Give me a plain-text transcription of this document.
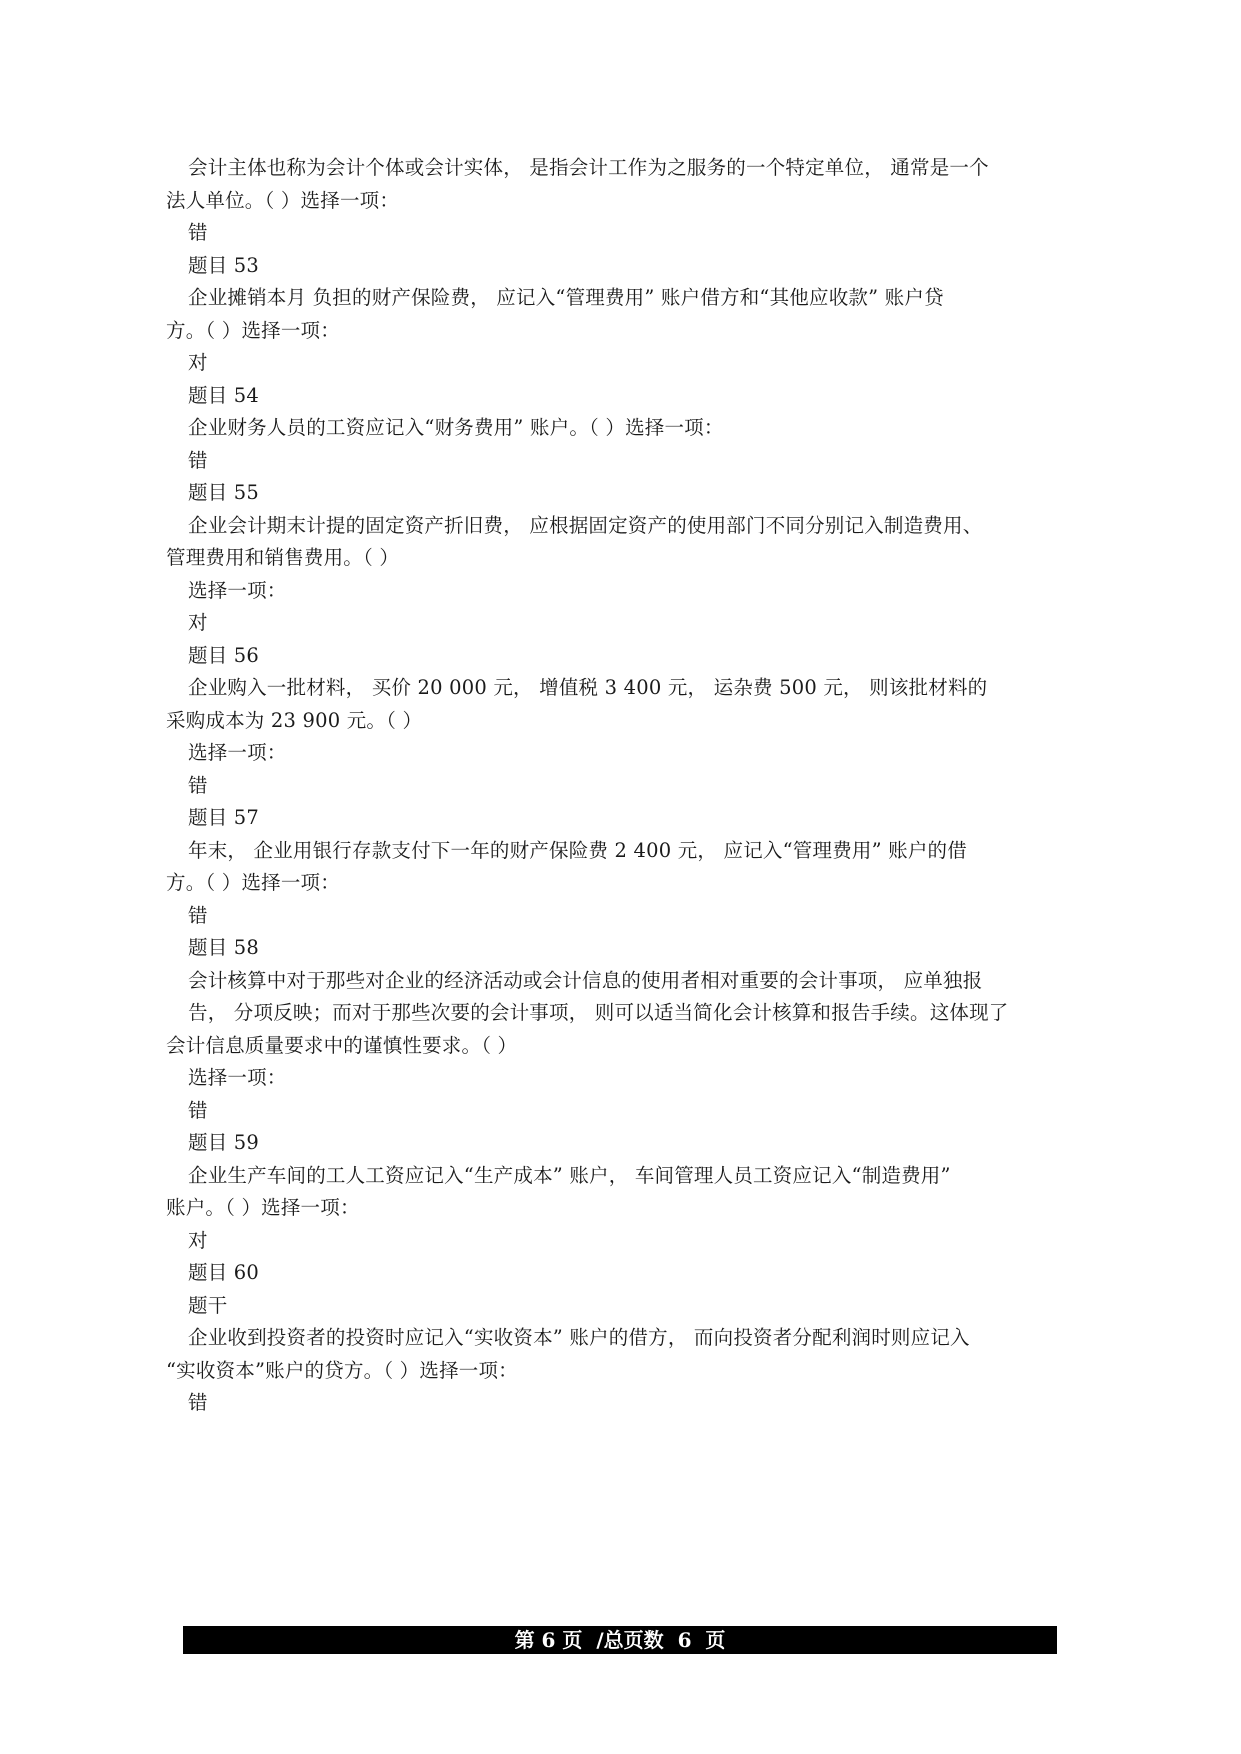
会计主体也称为会计个体或会计实体， 是指会计工作为之服务的一个特定单位， 通常是一个
法人单位。（ ）选择一项：
错
题目 53
企业摊销本月 负担的财产保险费， 应记入“管理费用” 账户借方和“其他应收款” 账户贷
方。（ ）选择一项：
对
题目 54
企业财务人员的工资应记入“财务费用” 账户。（ ）选择一项：
错
题目 55
企业会计期末计提的固定资产折旧费， 应根据固定资产的使用部门不同分别记入制造费用、
管理费用和销售费用。（ ）
选择一项：
对
题目 56
企业购入一批材料， 买价 20 000 元， 增值税 3 400 元， 运杂费 500 元， 则该批材料的
采购成本为 23 900 元。（ ）
选择一项：
错
题目 57
年末， 企业用银行存款支付下一年的财产保险费 2 400 元， 应记入“管理费用” 账户的借
方。（ ）选择一项：
错
题目 58
会计核算中对于那些对企业的经济活动或会计信息的使用者相对重要的会计事项， 应单独报
告， 分项反映；而对于那些次要的会计事项， 则可以适当简化会计核算和报告手续。这体现了
会计信息质量要求中的谨慎性要求。（ ）
选择一项：
错
题目 59
企业生产车间的工人工资应记入“生产成本” 账户， 车间管理人员工资应记入“制造费用”
账户。（ ）选择一项：
对
题目 60
题干
企业收到投资者的投资时应记入“实收资本” 账户的借方， 而向投资者分配利润时则应记入
“实收资本”账户的贷方。（ ）选择一项：
错
第 6 页  /总页数  6  页
